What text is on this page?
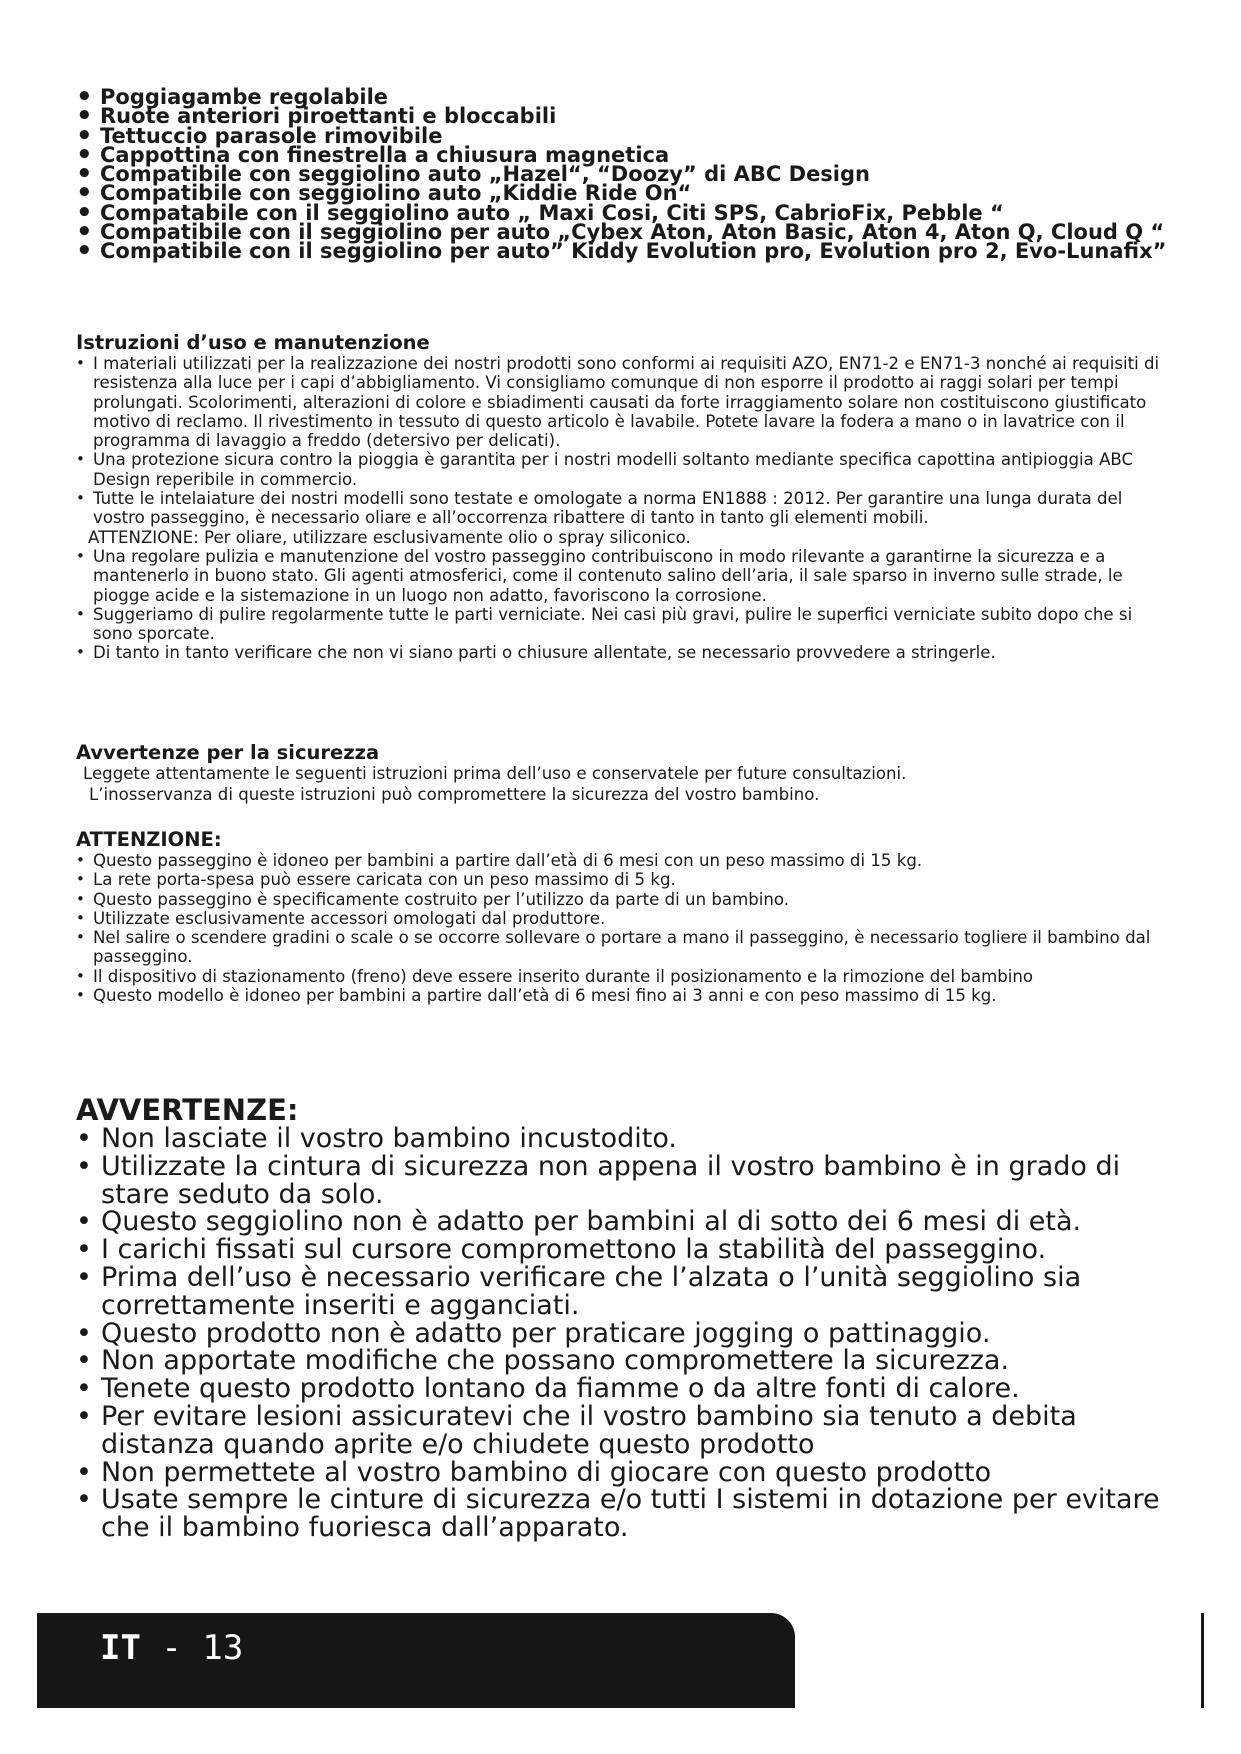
• Poggiagambe regolabile
• Ruote anteriori piroettanti e bloccabili
• Tettuccio parasole rimovibile
• Cappottina con finestrella a chiusura magnetica
• Compatibile con seggiolino auto „Hazel“, “Doozy” di ABC Design
• Compatibile con seggiolino auto „Kiddie Ride On“
• Compatabile con il seggiolino auto „ Maxi Cosi, Citi SPS, CabrioFix, Pebble “
• Compatibile con il seggiolino per auto „Cybex Aton, Aton Basic, Aton 4, Aton Q, Cloud Q “
• Compatibile con il seggiolino per auto” Kiddy Evolution pro, Evolution pro 2, Evo-Lunafix”
Istruzioni d’uso e manutenzione
• I materiali utilizzati per la realizzazione dei nostri prodotti sono conformi ai requisiti AZO, EN71-2 e EN71-3 nonché ai requisiti di resistenza alla luce per i capi d’abbigliamento. Vi consigliamo comunque di non esporre il prodotto ai raggi solari per tempi prolungati. Scolorimenti, alterazioni di colore e sbiadimenti causati da forte irraggiamento solare non costituiscono giustificato motivo di reclamo. Il rivestimento in tessuto di questo articolo è lavabile. Potete lavare la fodera a mano o in lavatrice con il programma di lavaggio a freddo (detersivo per delicati).
• Una protezione sicura contro la pioggia è garantita per i nostri modelli soltanto mediante specifica capottina antipioggia ABC Design reperibile in commercio.
• Tutte le intelaiature dei nostri modelli sono testate e omologate a norma EN1888 : 2012. Per garantire una lunga durata del vostro passeggino, è necessario oliare e all’occorrenza ribattere di tanto in tanto gli elementi mobili.

ATTENZIONE: Per oliare, utilizzare esclusivamente olio o spray siliconico.

• Una regolare pulizia e manutenzione del vostro passeggino contribuiscono in modo rilevante a garantirne la sicurezza e a mantenerlo in buono stato. Gli agenti atmosferici, come il contenuto salino dell’aria, il sale sparso in inverno sulle strade, le piogge acide e la sistemazione in un luogo non adatto, favoriscono la corrosione.
• Suggeriamo di pulire regolarmente tutte le parti verniciate. Nei casi più gravi, pulire le superfici verniciate subito dopo che si sono sporcate.
• Di tanto in tanto verificare che non vi siano parti o chiusure allentate, se necessario provvedere a stringerle.
Avvertenze per la sicurezza

Leggete attentamente le seguenti istruzioni prima dell’uso e conservatele per future consultazioni.

L’inosservanza di queste istruzioni può compromettere la sicurezza del vostro bambino.

ATTENZIONE:
• Questo passeggino è idoneo per bambini a partire dall’età di 6 mesi con un peso massimo di 15 kg.
• La rete porta-spesa può essere caricata con un peso massimo di 5 kg.
• Questo passeggino è specificamente costruito per l’utilizzo da parte di un bambino.
• Utilizzate esclusivamente accessori omologati dal produttore.
• Nel salire o scendere gradini o scale o se occorre sollevare o portare a mano il passeggino, è necessario togliere il bambino dal passeggino.
• Il dispositivo di stazionamento (freno) deve essere inserito durante il posizionamento e la rimozione del bambino
• Questo modello è idoneo per bambini a partire dall’età di 6 mesi fino ai 3 anni e con peso massimo di 15 kg.
AVVERTENZE:
• Non lasciate il vostro bambino incustodito.
• Utilizzate la cintura di sicurezza non appena il vostro bambino è in grado di stare seduto da solo.
• Questo seggiolino non è adatto per bambini al di sotto dei 6 mesi di età.
• I carichi fissati sul cursore compromettono la stabilità del passeggino.
• Prima dell’uso è necessario verificare che l’alzata o l’unità seggiolino sia correttamente inseriti e agganciati.
• Questo prodotto non è adatto per praticare jogging o pattinaggio.
• Non apportate modifiche che possano compromettere la sicurezza.
• Tenete questo prodotto lontano da fiamme o da altre fonti di calore.
• Per evitare lesioni assicuratevi che il vostro bambino sia tenuto a debita distanza quando aprite e/o chiudete questo prodotto
• Non permettete al vostro bambino di giocare con questo prodotto
• Usate sempre le cinture di sicurezza e/o tutti I sistemi in dotazione per evitare che il bambino fuoriesca dall’apparato.
IT - 13
